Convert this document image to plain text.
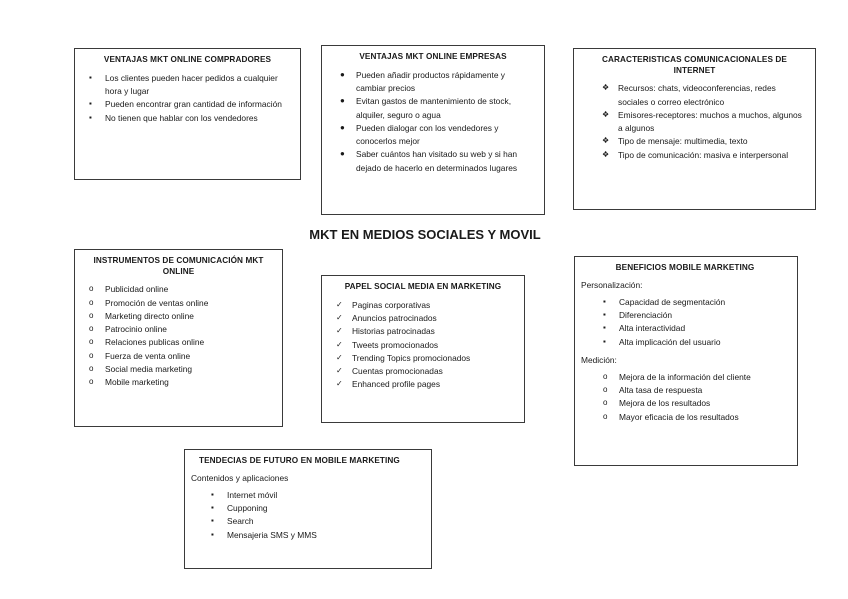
MKT EN MEDIOS SOCIALES Y MOVIL
VENTAJAS MKT ONLINE COMPRADORES
▪	Los clientes pueden hacer pedidos a cualquier hora y lugar
▪	Pueden encontrar gran cantidad de información
▪	No tienen que hablar con los vendedores
VENTAJAS MKT ONLINE EMPRESAS
●	Pueden añadir productos rápidamente y cambiar precios
●	Evitan gastos de mantenimiento de stock, alquiler, seguro o agua
●	Pueden dialogar con los vendedores y conocerlos mejor
●	Saber cuántos han visitado su web y si han dejado de hacerlo en determinados lugares
CARACTERISTICAS COMUNICACIONALES DE INTERNET
❖	Recursos: chats, videoconferencias, redes sociales o correo electrónico
❖	Emisores-receptores: muchos a muchos, algunos a algunos
❖	Tipo de mensaje: multimedia, texto
❖	Tipo de comunicación: masiva e interpersonal
INSTRUMENTOS DE COMUNICACIÓN MKT ONLINE
o	Publicidad online
o	Promoción de ventas online
o	Marketing directo online
o	Patrocinio online
o	Relaciones publicas online
o	Fuerza de venta online
o	Social media marketing
o	Mobile marketing
PAPEL SOCIAL MEDIA EN MARKETING
✓	Paginas corporativas
✓	Anuncios patrocinados
✓	Historias patrocinadas
✓	Tweets promocionados
✓	Trending Topics promocionados
✓	Cuentas promocionadas
✓	Enhanced profile pages
BENEFICIOS MOBILE MARKETING
Personalización:
▪	Capacidad de segmentación
▪	Diferenciación
▪	Alta interactividad
▪	Alta implicación del usuario
Medición:
o	Mejora de la información del cliente
o	Alta tasa de respuesta
o	Mejora de los resultados
o	Mayor eficacia de los resultados
TENDECIAS DE FUTURO EN MOBILE MARKETING
Contenidos y aplicaciones
▪	Internet móvil
▪	Cupponing
▪	Search
▪	Mensajeria SMS y MMS
